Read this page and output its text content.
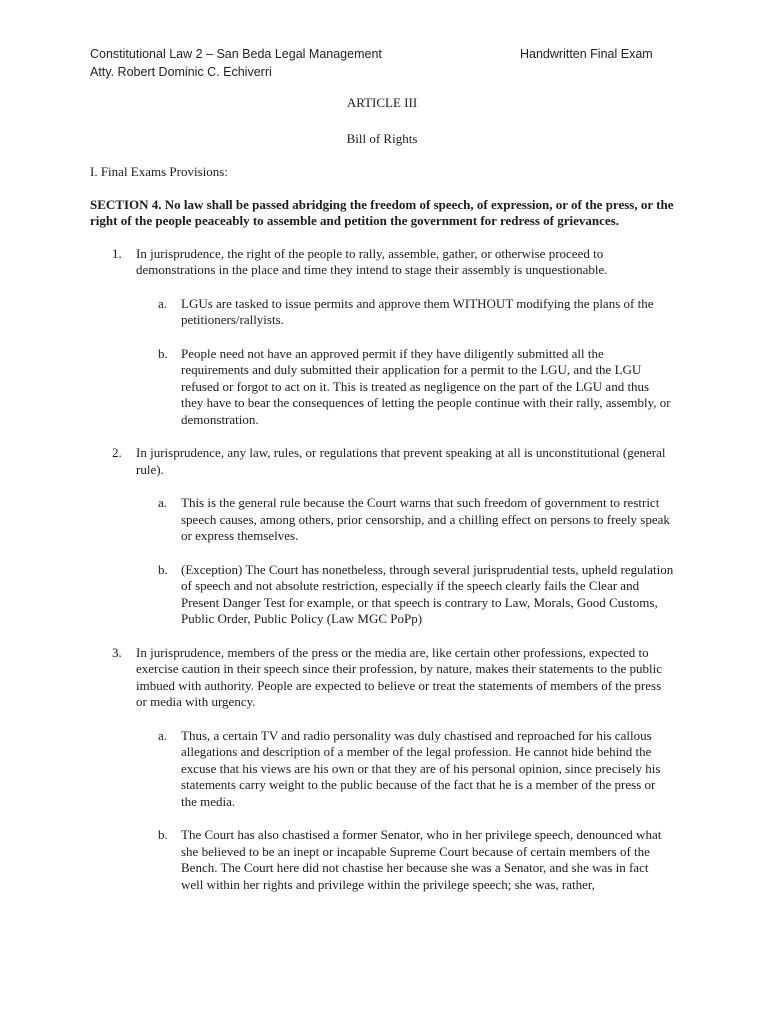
Constitutional Law 2 – San Beda Legal Management
Atty. Robert Dominic C. Echiverri
Handwritten Final Exam

ARTICLE III

Bill of Rights

I. Final Exams Provisions:

SECTION 4. No law shall be passed abridging the freedom of speech, of expression, or of the press, or the right of the people peaceably to assemble and petition the government for redress of grievances.

1. In jurisprudence, the right of the people to rally, assemble, gather, or otherwise proceed to demonstrations in the place and time they intend to stage their assembly is unquestionable.

a. LGUs are tasked to issue permits and approve them WITHOUT modifying the plans of the petitioners/rallyists.

b. People need not have an approved permit if they have diligently submitted all the requirements and duly submitted their application for a permit to the LGU, and the LGU refused or forgot to act on it. This is treated as negligence on the part of the LGU and thus they have to bear the consequences of letting the people continue with their rally, assembly, or demonstration.

2. In jurisprudence, any law, rules, or regulations that prevent speaking at all is unconstitutional (general rule).

a. This is the general rule because the Court warns that such freedom of government to restrict speech causes, among others, prior censorship, and a chilling effect on persons to freely speak or express themselves.

b. (Exception) The Court has nonetheless, through several jurisprudential tests, upheld regulation of speech and not absolute restriction, especially if the speech clearly fails the Clear and Present Danger Test for example, or that speech is contrary to Law, Morals, Good Customs, Public Order, Public Policy (Law MGC PoPp)

3. In jurisprudence, members of the press or the media are, like certain other professions, expected to exercise caution in their speech since their profession, by nature, makes their statements to the public imbued with authority. People are expected to believe or treat the statements of members of the press or media with urgency.

a. Thus, a certain TV and radio personality was duly chastised and reproached for his callous allegations and description of a member of the legal profession. He cannot hide behind the excuse that his views are his own or that they are of his personal opinion, since precisely his statements carry weight to the public because of the fact that he is a member of the press or the media.

b. The Court has also chastised a former Senator, who in her privilege speech, denounced what she believed to be an inept or incapable Supreme Court because of certain members of the Bench. The Court here did not chastise her because she was a Senator, and she was in fact well within her rights and privilege within the privilege speech; she was, rather,
